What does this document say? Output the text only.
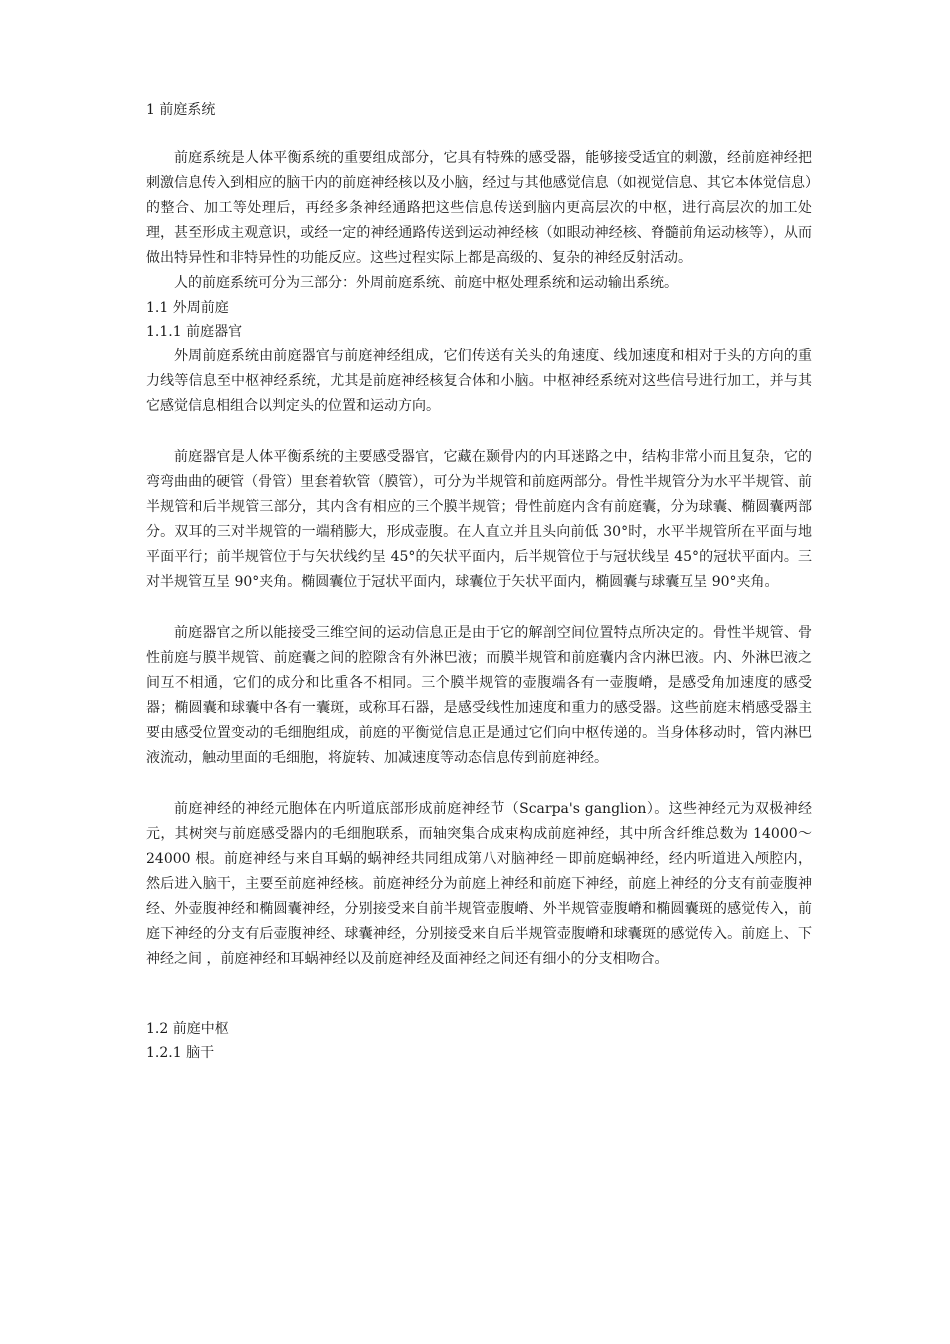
1 前庭系统

前庭系统是人体平衡系统的重要组成部分，它具有特殊的感受器，能够接受适宜的刺激，经前庭神经把刺激信息传入到相应的脑干内的前庭神经核以及小脑，经过与其他感觉信息（如视觉信息、其它本体觉信息）的整合、加工等处理后，再经多条神经通路把这些信息传送到脑内更高层次的中枢，进行高层次的加工处理，甚至形成主观意识，或经一定的神经通路传送到运动神经核（如眼动神经核、脊髓前角运动核等），从而做出特异性和非特异性的功能反应。这些过程实际上都是高级的、复杂的神经反射活动。

人的前庭系统可分为三部分：外周前庭系统、前庭中枢处理系统和运动输出系统。

1.1 外周前庭
1.1.1 前庭器官

外周前庭系统由前庭器官与前庭神经组成，它们传送有关头的角速度、线加速度和相对于头的方向的重力线等信息至中枢神经系统，尤其是前庭神经核复合体和小脑。中枢神经系统对这些信号进行加工，并与其它感觉信息相组合以判定头的位置和运动方向。

前庭器官是人体平衡系统的主要感受器官，它藏在颞骨内的内耳迷路之中，结构非常小而且复杂，它的弯弯曲曲的硬管（骨管）里套着软管（膜管），可分为半规管和前庭两部分。骨性半规管分为水平半规管、前半规管和后半规管三部分，其内含有相应的三个膜半规管；骨性前庭内含有前庭囊，分为球囊、椭圆囊两部分。双耳的三对半规管的一端稍膨大，形成壶腹。在人直立并且头向前低 30°时，水平半规管所在平面与地平面平行；前半规管位于与矢状线约呈 45°的矢状平面内，后半规管位于与冠状线呈 45°的冠状平面内。三对半规管互呈 90°夹角。椭圆囊位于冠状平面内，球囊位于矢状平面内，椭圆囊与球囊互呈 90°夹角。

前庭器官之所以能接受三维空间的运动信息正是由于它的解剖空间位置特点所决定的。骨性半规管、骨性前庭与膜半规管、前庭囊之间的腔隙含有外淋巴液；而膜半规管和前庭囊内含内淋巴液。内、外淋巴液之间互不相通，它们的成分和比重各不相同。三个膜半规管的壶腹端各有一壶腹嵴，是感受角加速度的感受器；椭圆囊和球囊中各有一囊斑，或称耳石器，是感受线性加速度和重力的感受器。这些前庭末梢感受器主要由感受位置变动的毛细胞组成，前庭的平衡觉信息正是通过它们向中枢传递的。当身体移动时，管内淋巴液流动，触动里面的毛细胞，将旋转、加减速度等动态信息传到前庭神经。

前庭神经的神经元胞体在内听道底部形成前庭神经节（Scarpa's ganglion）。这些神经元为双极神经元，其树突与前庭感受器内的毛细胞联系，而轴突集合成束构成前庭神经，其中所含纤维总数为 14000～24000 根。前庭神经与来自耳蜗的蜗神经共同组成第八对脑神经－即前庭蜗神经，经内听道进入颅腔内， 然后进入脑干，主要至前庭神经核。前庭神经分为前庭上神经和前庭下神经，前庭上神经的分支有前壶腹神经、外壶腹神经和椭圆囊神经，分别接受来自前半规管壶腹嵴、外半规管壶腹嵴和椭圆囊斑的感觉传入，前庭下神经的分支有后壶腹神经、球囊神经，分别接受来自后半规管壶腹嵴和球囊斑的感觉传入。前庭上、下神经之间 ，前庭神经和耳蜗神经以及前庭神经及面神经之间还有细小的分支相吻合。

1.2 前庭中枢
1.2.1 脑干
